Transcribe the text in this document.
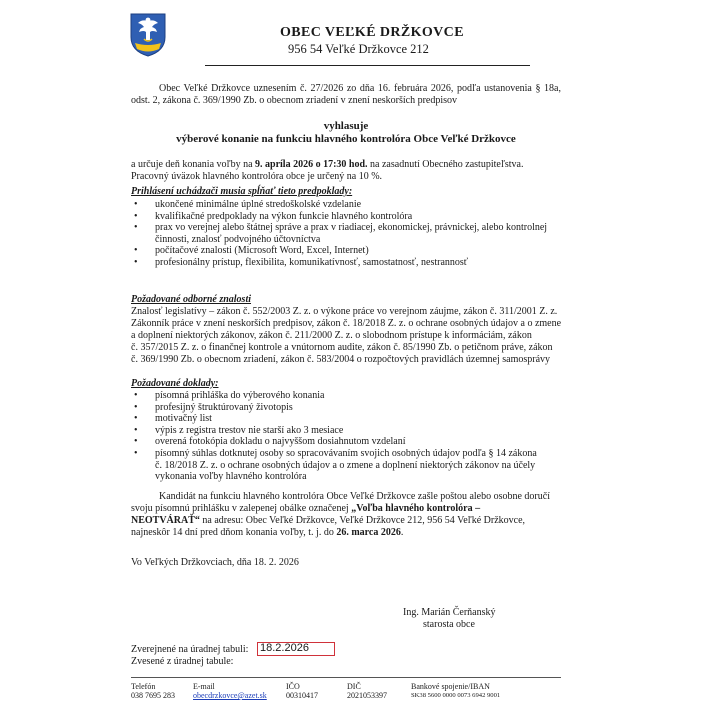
OBEC VEĽKÉ DRŽKOVCE
956 54 Veľké Držkovce 212
Obec Veľké Držkovce uznesením č. 27/2026 zo dňa 16. februára 2026, podľa ustanovenia § 18a, odst. 2, zákona č. 369/1990 Zb. o obecnom zriadení v znení neskorších predpisov
vyhlasuje
výberové konanie na funkciu hlavného kontrolóra Obce Veľké Držkovce
a určuje deň konania voľby na 9. apríla 2026 o 17:30 hod. na zasadnutí Obecného zastupiteľstva.
Pracovný úväzok hlavného kontrolóra obce je určený na 10 %.
Prihlásení uchádzači musia spĺňať tieto predpoklady:
• ukončené minimálne úplné stredoškolské vzdelanie
• kvalifikačné predpoklady na výkon funkcie hlavného kontrolóra
• prax vo verejnej alebo štátnej správe a prax v riadiacej, ekonomickej, právnickej, alebo kontrolnej
činnosti, znalosť podvojného účtovníctva
• počítačové znalosti (Microsoft Word, Excel, Internet)
• profesionálny prístup, flexibilita, komunikatívnosť, samostatnosť, nestrannosť
Požadované odborné znalosti
Znalosť legislatívy – zákon č. 552/2003 Z. z. o výkone práce vo verejnom záujme, zákon č. 311/2001 Z. z.
Zákonník práce v znení neskorších predpisov, zákon č. 18/2018 Z. z. o ochrane osobných údajov a o zmene
a doplnení niektorých zákonov, zákon č. 211/2000 Z. z. o slobodnom prístupe k informáciám, zákon
č. 357/2015 Z. z. o finančnej kontrole a vnútornom audite, zákon č. 85/1990 Zb. o petičnom práve, zákon
č. 369/1990 Zb. o obecnom zriadení, zákon č. 583/2004 o rozpočtových pravidlách územnej samosprávy
Požadované doklady:
• písomná prihláška do výberového konania
• profesijný štruktúrovaný životopis
• motivačný list
• výpis z registra trestov nie starší ako 3 mesiace
• overená fotokópia dokladu o najvyššom dosiahnutom vzdelaní
• písomný súhlas dotknutej osoby so spracovávaním svojich osobných údajov podľa § 14 zákona
č. 18/2018 Z. z. o ochrane osobných údajov a o zmene a doplnení niektorých zákonov na účely
vykonania voľby hlavného kontrolóra
Kandidát na funkciu hlavného kontrolóra Obce Veľké Držkovce zašle poštou alebo osobne doručí
svoju písomnú prihlášku v zalepenej obálke označenej „Voľba hlavného kontrolóra –
NEOTVÁRAŤ“ na adresu: Obec Veľké Držkovce, Veľké Držkovce 212, 956 54 Veľké Držkovce,
najneskôr 14 dní pred dňom konania voľby, t. j. do 26. marca 2026.
Vo Veľkých Držkovciach, dňa 18. 2. 2026
Ing. Marián Čerňanský
starosta obce
Zverejnené na úradnej tabuli: 18.2.2026
Zvesené z úradnej tabule:
Telefón
038 7695 283
E-mail
obecdrzkovce@azet.sk
IČO
00310417
DIČ
2021053397
Bankové spojenie/IBAN
SK38 5600 0000 0073 6942 9001
